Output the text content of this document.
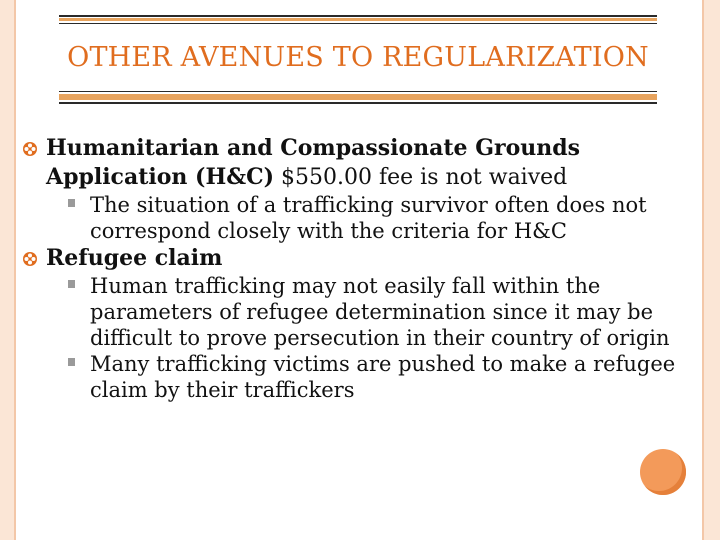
OTHER AVENUES TO REGULARIZATION
Humanitarian and Compassionate Grounds Application (H&C) $550.00 fee is not waived
The situation of a trafficking survivor often does not correspond closely with the criteria for H&C
Refugee claim
Human trafficking may not easily fall within the parameters of refugee determination since it may be difficult to prove persecution in their country of origin
Many trafficking victims are pushed to make a refugee claim by their traffickers
